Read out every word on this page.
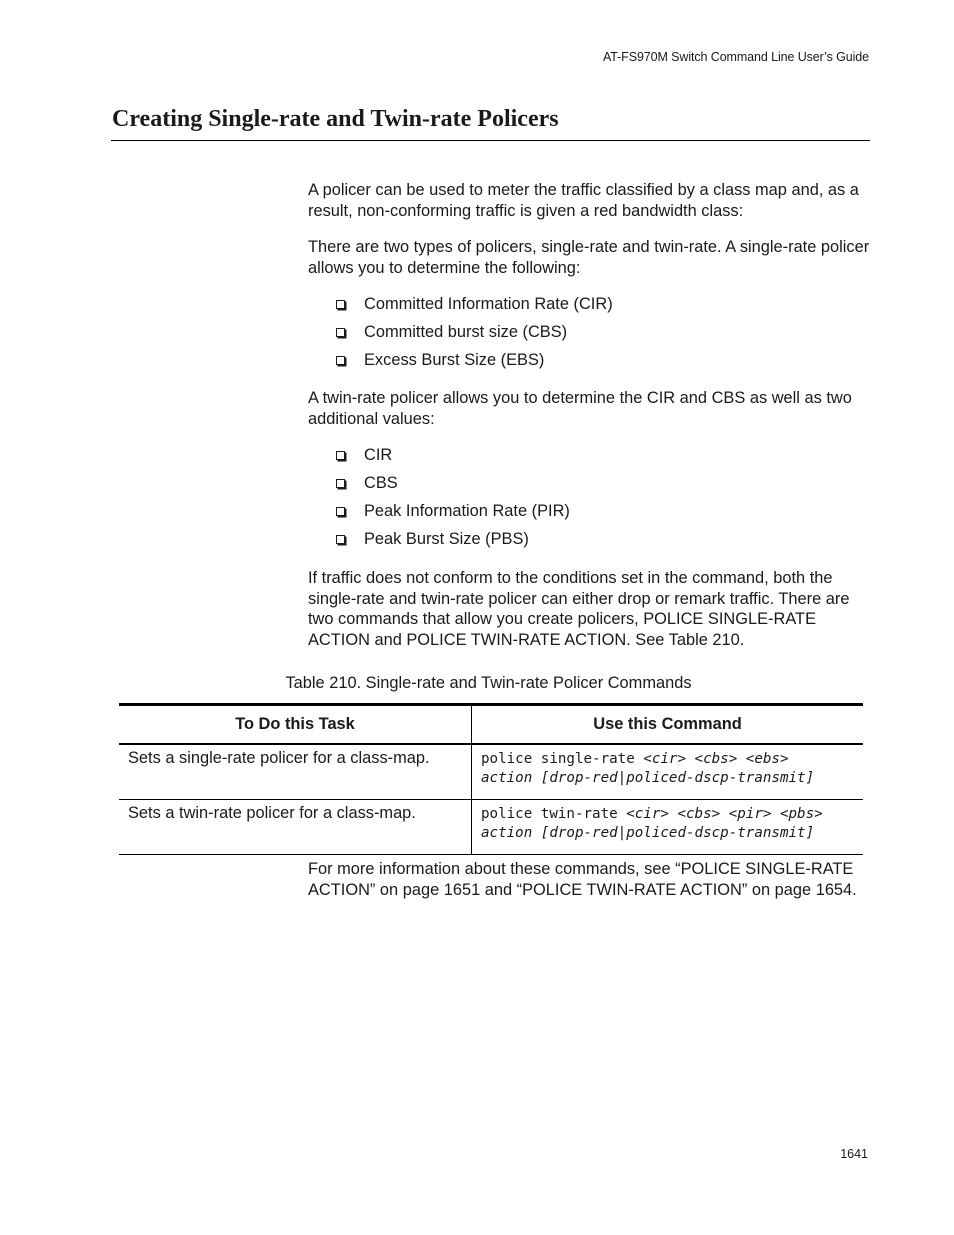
AT-FS970M Switch Command Line User’s Guide
Creating Single-rate and Twin-rate Policers

A policer can be used to meter the traffic classified by a class map and, as a result, non-conforming traffic is given a red bandwidth class:

There are two types of policers, single-rate and twin-rate. A single-rate policer allows you to determine the following:

Committed Information Rate (CIR)
Committed burst size (CBS)
Excess Burst Size (EBS)

A twin-rate policer allows you to determine the CIR and CBS as well as two additional values:

CIR
CBS
Peak Information Rate (PIR)
Peak Burst Size (PBS)

If traffic does not conform to the conditions set in the command, both the single-rate and twin-rate policer can either drop or remark traffic. There are two commands that allow you create policers, POLICE SINGLE-RATE ACTION and POLICE TWIN-RATE ACTION. See Table 210.

Table 210. Single-rate and Twin-rate Policer Commands

To Do this Task	Use this Command
Sets a single-rate policer for a class-map.	police single-rate <cir> <cbs> <ebs>
action [drop-red|policed-dscp-transmit]

Sets a twin-rate policer for a class-map.	police twin-rate <cir> <cbs> <pir> <pbs>
action [drop-red|policed-dscp-transmit]

For more information about these commands, see “POLICE SINGLE-RATE ACTION” on page 1651 and “POLICE TWIN-RATE ACTION” on page 1654.

1641
